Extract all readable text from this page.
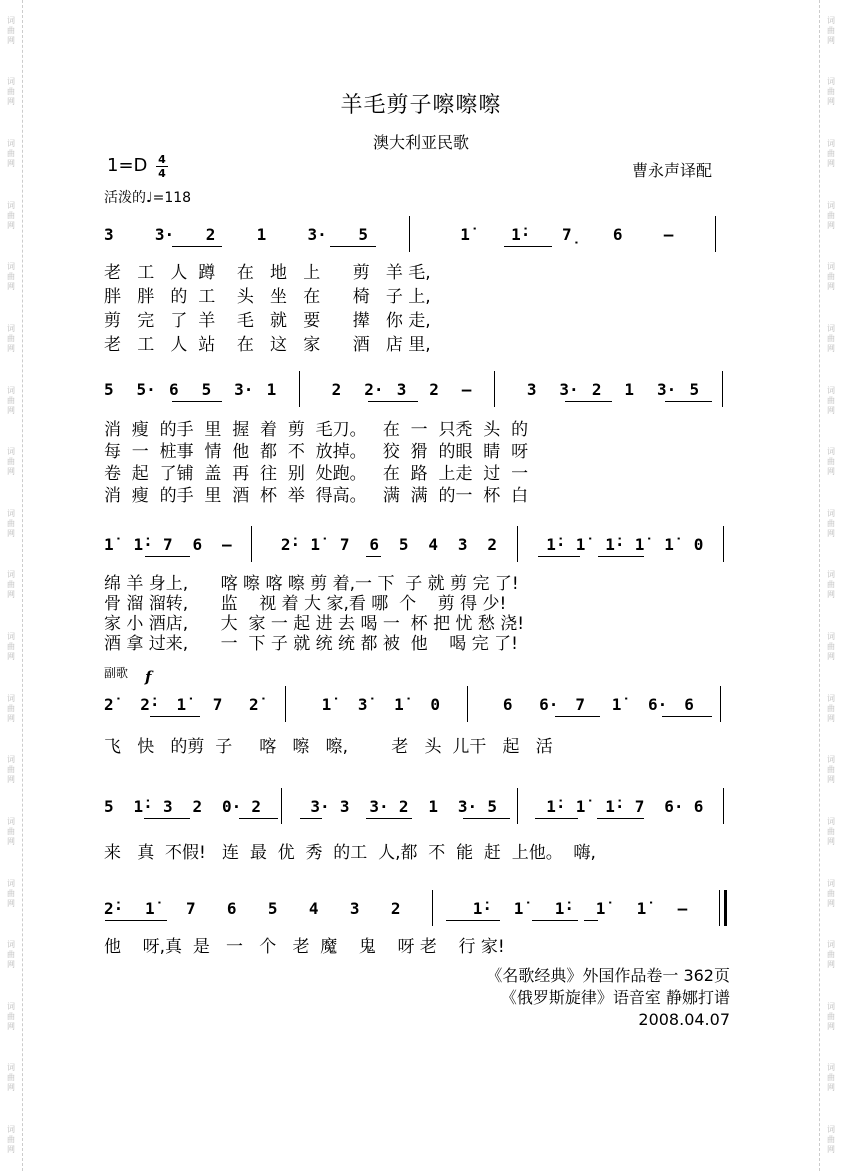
词曲网
词曲网
词曲网
词曲网
词曲网
词曲网
词曲网
词曲网
词曲网
词曲网
词曲网
词曲网
词曲网
词曲网
词曲网
词曲网
词曲网
词曲网
词曲网
词曲网
词曲网
词曲网
词曲网
词曲网
词曲网
词曲网
词曲网
词曲网
词曲网
词曲网
词曲网
词曲网
词曲网
词曲网
词曲网
词曲网
词曲网
词曲网
羊毛剪子嚓嚓嚓
澳大利亚民歌
1=D 4
4	曹永声译配
活泼的♩=118
副歌 f
3	3· 2	1	3· 5	1̇	1̇· 7̣ 6	–
老   工   人  蹲    在   地   上      剪   羊 毛,
胖   胖   的  工    头   坐   在      椅   子 上,
剪   完   了  羊    毛   就   要      撵   你 走,
老   工   人  站    在   这   家      酒   店 里,
5 5· 6 5 3· 1	2 2· 3 2 –	3 3· 2 1 3· 5
消  瘦  的手  里  握  着  剪  毛刀。   在  一  只秃  头  的
每  一  桩事  情  他  都  不  放掉。   狡  猾  的眼  睛  呀
卷  起  了铺  盖  再  往  别  处跑。   在  路  上走  过  一
消  瘦  的手  里  酒  杯  举  得高。   满  满  的一  杯  白
1̇ 1̇· 7 6 –	2̇· 1̇ 7 6 5 4 3 2	1̇· 1̇ 1̇· 1̇ 1̇ 0
绵 羊 身上,      喀 嚓 喀 嚓 剪 着,一 下  子 就 剪 完 了!
骨 溜 溜转,      监    视 着 大 家,看 哪  个    剪 得 少!
家 小 酒店,      大  家 一 起 进 去 喝 一  杯 把 忧 愁 浇!
酒 拿 过来,      一  下 子 就 统 统 都 被  他    喝 完 了!
2̇ 2̇· 1̇ 7 2̇	1̇ 3̇ 1̇ 0	6 6· 7 1̇ 6· 6
飞   快   的剪  子     喀   嚓   嚓,        老   头  儿干   起   活
5 1̇· 3 2 0· 2	3· 3 3· 2 1 3· 5	1̇· 1̇ 1̇· 7 6· 6
来   真  不假!   连  最  优  秀  的工  人,都  不  能  赶  上他。  嗨,
2̇· 1̇ 7 6 5 4 3 2	1̇· 1̇ 1̇· 1̇ 1̇ –
他    呀,真  是   一   个   老  魔    鬼    呀 老    行 家!
《名歌经典》外国作品卷一 362页
《俄罗斯旋律》语音室 静娜打谱
2008.04.07
